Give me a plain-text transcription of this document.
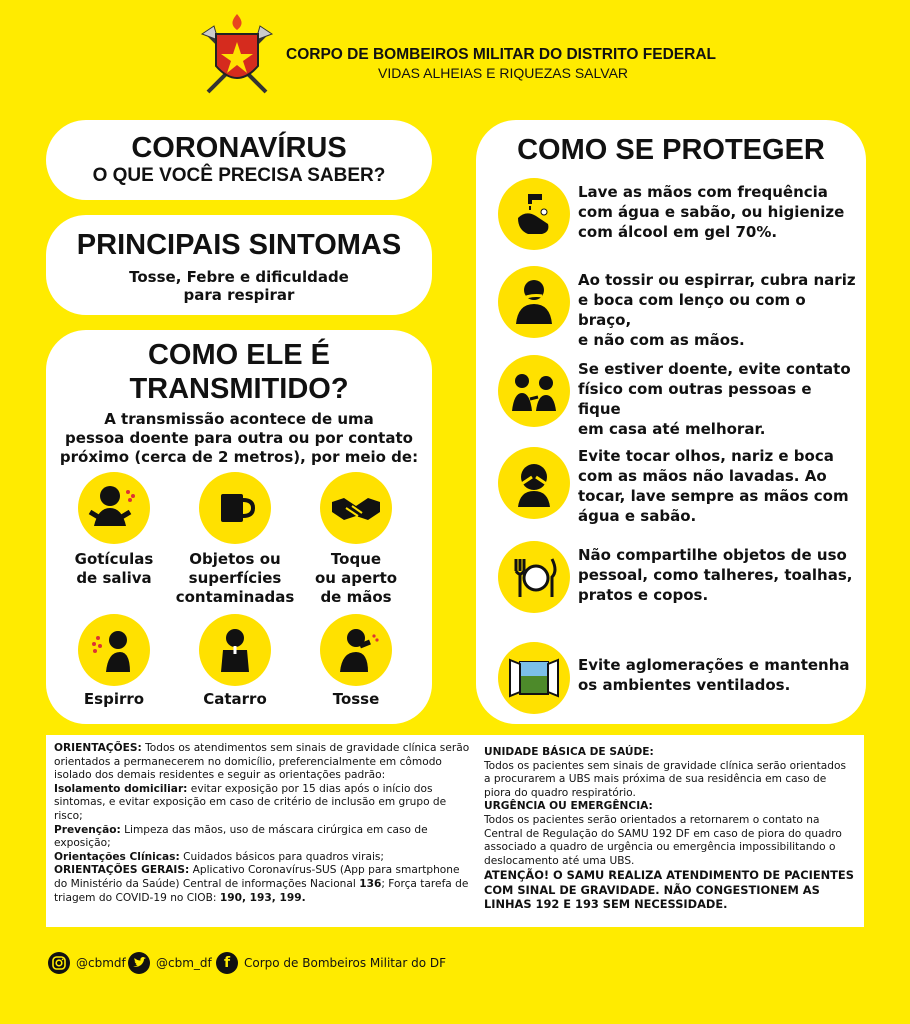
CORPO DE BOMBEIROS MILITAR DO DISTRITO FEDERAL
VIDAS ALHEIAS E RIQUEZAS SALVAR
CORONAVÍRUS
O QUE VOCÊ PRECISA SABER?
PRINCIPAIS SINTOMAS
Tosse, Febre e dificuldade
para respirar
COMO ELE É
TRANSMITIDO?
A transmissão acontece de uma
pessoa doente para outra ou por contato
próximo (cerca de 2 metros), por meio de:
Gotículas
de saliva
Objetos ou
superfícies
contaminadas
Toque
ou aperto
de mãos
Espirro	Catarro	Tosse
COMO SE PROTEGER
Lave as mãos com frequência
com água e sabão, ou higienize
com álcool em gel 70%.
Ao tossir ou espirrar, cubra nariz
e boca com lenço ou com o braço,
e não com as mãos.
Se estiver doente, evite contato
físico com outras pessoas e fique
em casa até melhorar.
Evite tocar olhos, nariz e boca
com as mãos não lavadas. Ao
tocar, lave sempre as mãos com
água e sabão.
Não compartilhe objetos de uso
pessoal, como talheres, toalhas,
pratos e copos.
Evite aglomerações e mantenha
os ambientes ventilados.
ORIENTAÇÕES: Todos os atendimentos sem sinais de gravidade clínica serão orientados a permanecerem no domicílio, preferencialmente em cômodo isolado dos demais residentes e seguir as orientações padrão:
Isolamento domiciliar: evitar exposição por 15 dias após o início dos sintomas, e evitar exposição em caso de critério de inclusão em grupo de risco;
Prevenção: Limpeza das mãos, uso de máscara cirúrgica em caso de exposição;
Orientações Clínicas: Cuidados básicos para quadros virais;
ORIENTAÇÕES GERAIS: Aplicativo Coronavírus-SUS (App para smartphone do Ministério da Saúde) Central de informações Nacional 136; Força tarefa de triagem do COVID-19 no CIOB: 190, 193, 199.
UNIDADE BÁSICA DE SAÚDE:
Todos os pacientes sem sinais de gravidade clínica serão orientados a procurarem a UBS mais próxima de sua residência em caso de piora do quadro respiratório.
URGÊNCIA OU EMERGÊNCIA:
Todos os pacientes serão orientados a retornarem o contato na Central de Regulação do SAMU 192 DF em caso de piora do quadro associado a quadro de urgência ou emergência impossibilitando o deslocamento até uma UBS.
ATENÇÃO! O SAMU REALIZA ATENDIMENTO DE PACIENTES COM SINAL DE GRAVIDADE. NÃO CONGESTIONEM AS LINHAS 192 E 193 SEM NECESSIDADE.
@cbmdf	@cbm_df f	Corpo de Bombeiros Militar do DF
